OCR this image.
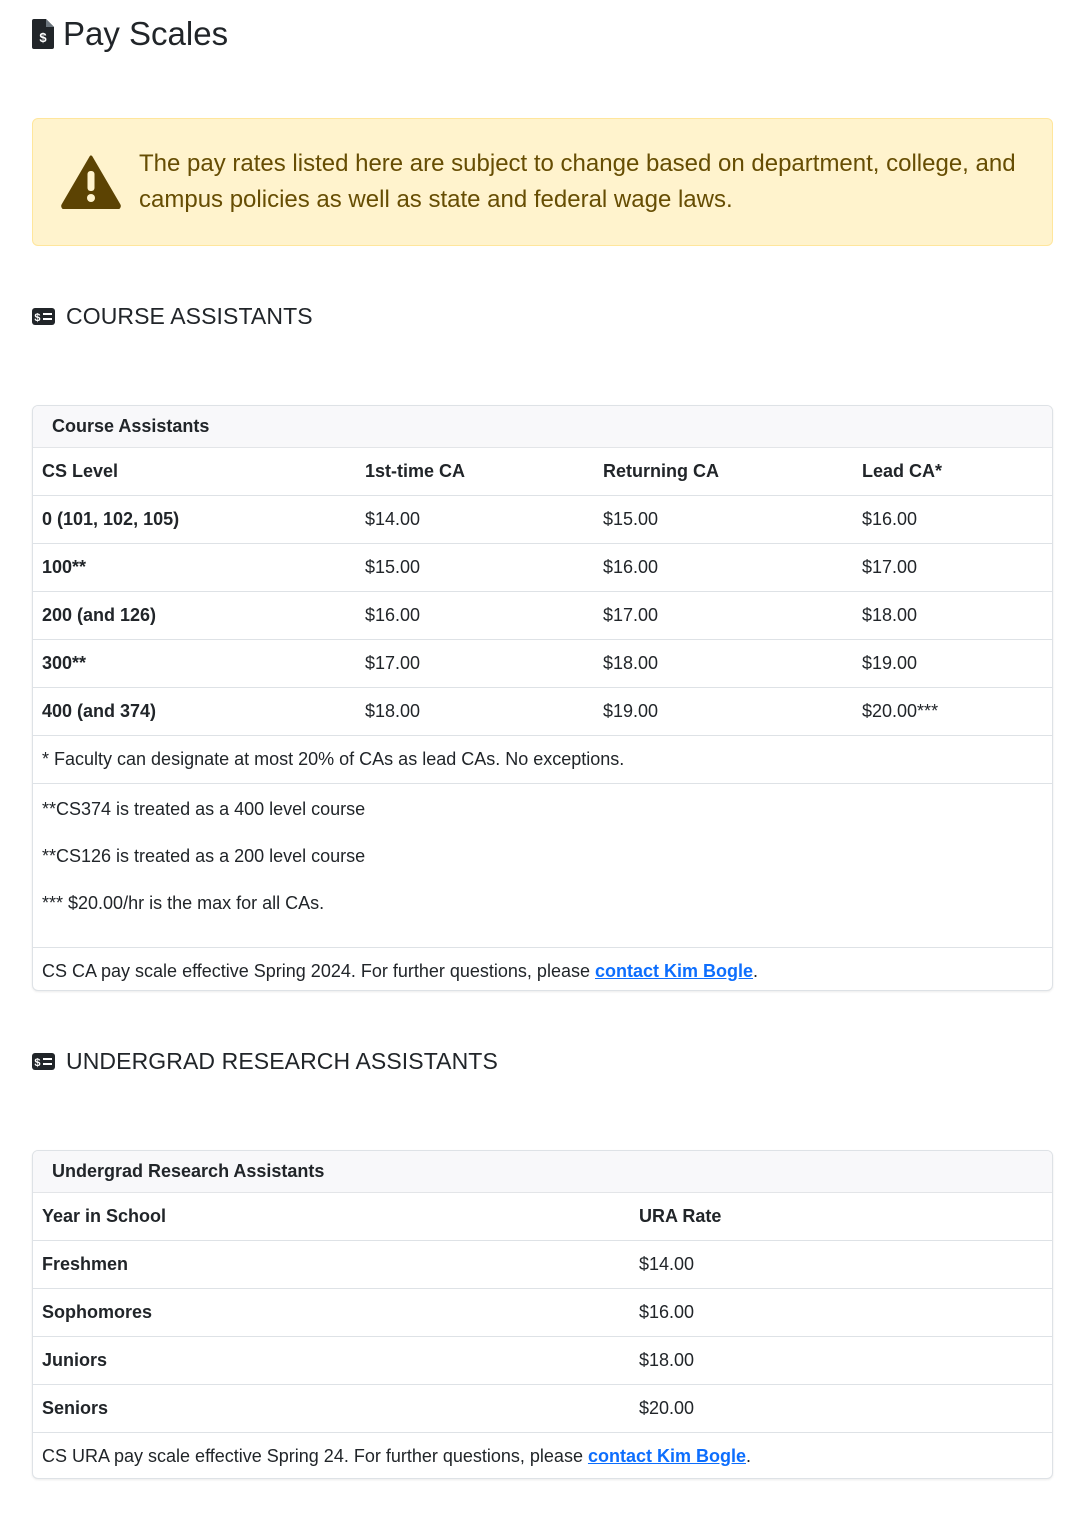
$ Pay Scales
The pay rates listed here are subject to change based on department, college, and campus policies as well as state and federal wage laws.
$ COURSE ASSISTANTS
Course Assistants
CS Level	1st-time CA	Returning CA	Lead CA*
0 (101, 102, 105)	$14.00	$15.00	$16.00
100**	$15.00	$16.00	$17.00
200 (and 126)	$16.00	$17.00	$18.00
300**	$17.00	$18.00	$19.00
400 (and 374)	$18.00	$19.00	$20.00***
* Faculty can designate at most 20% of CAs as lead CAs. No exceptions.

**CS374 is treated as a 400 level course

**CS126 is treated as a 200 level course

*** $20.00/hr is the max for all CAs.

CS CA pay scale effective Spring 2024. For further questions, please
contact Kim Bogle .
$ UNDERGRAD RESEARCH ASSISTANTS
Undergrad Research Assistants
Year in School	URA Rate
Freshmen	$14.00
Sophomores	$16.00
Juniors	$18.00
Seniors	$20.00
CS URA pay scale effective Spring 24. For further questions, please
contact Kim Bogle .
